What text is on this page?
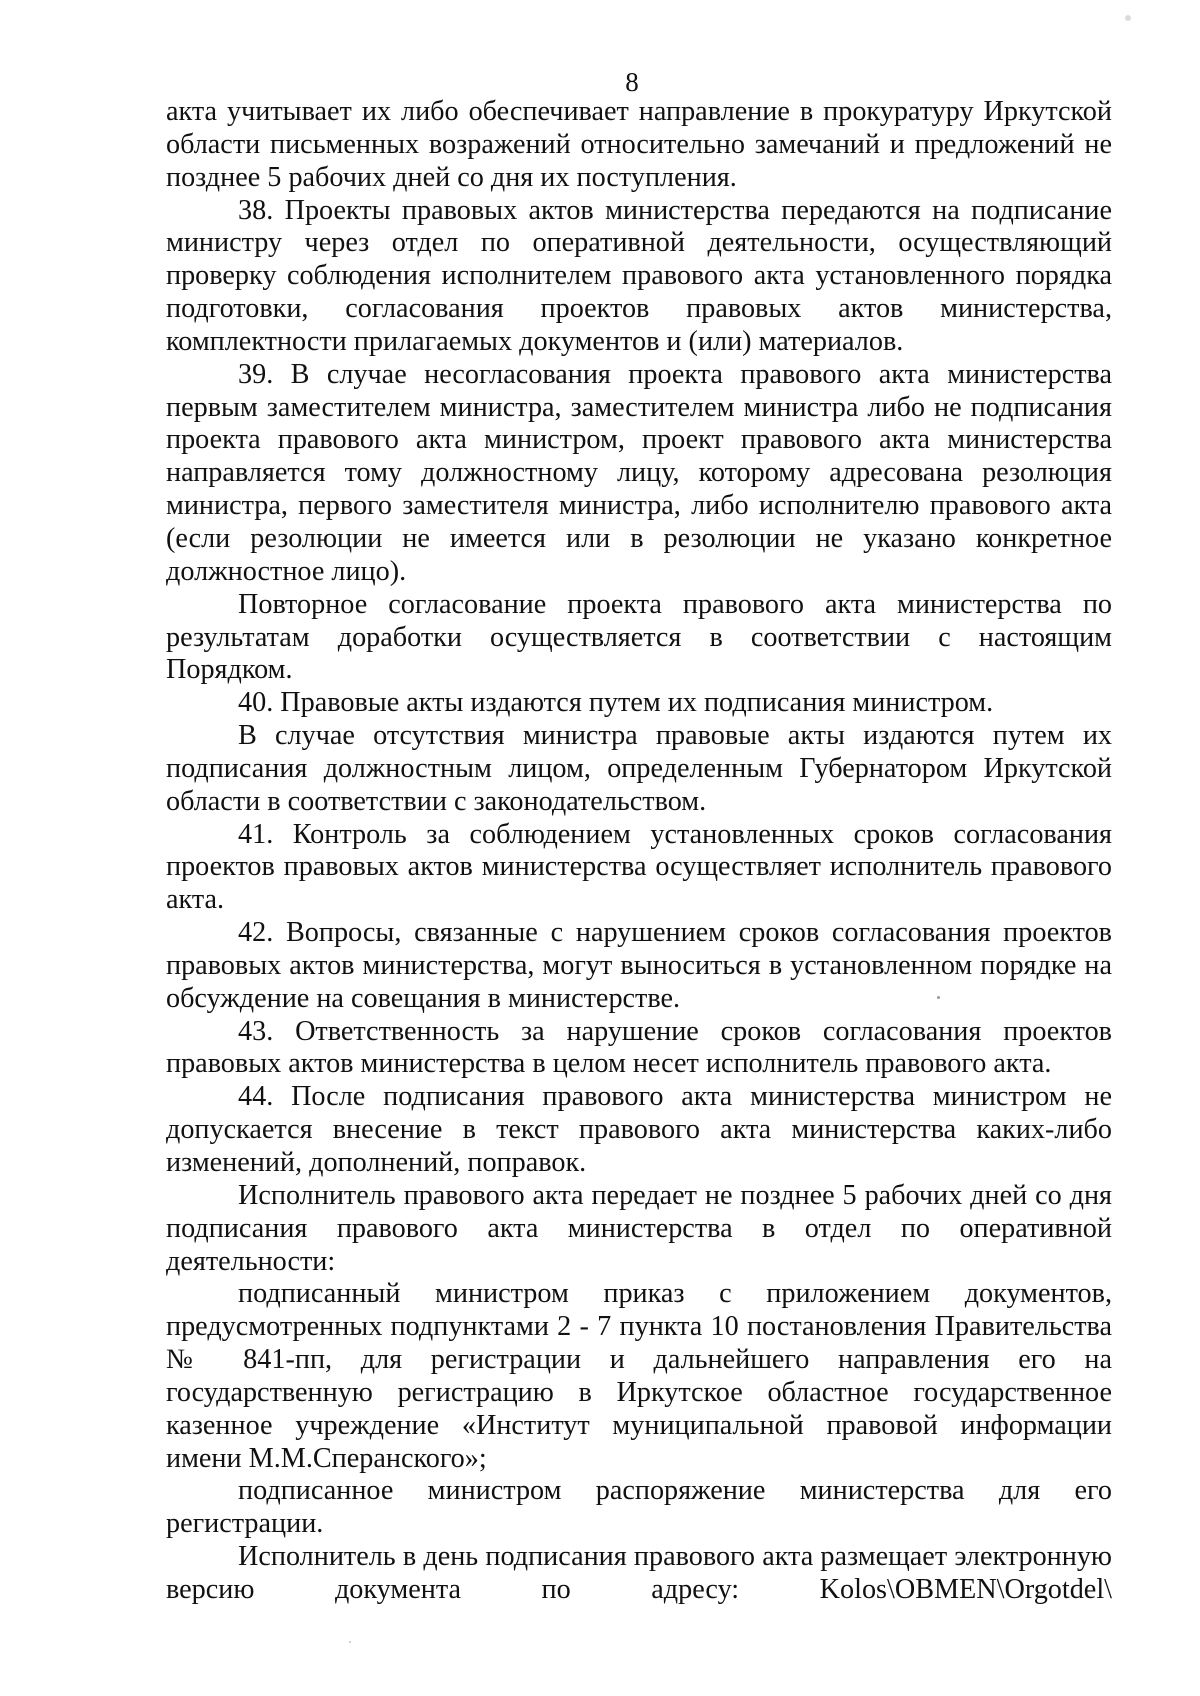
8

акта учитывает их либо обеспечивает направление в прокуратуру Иркутской области письменных возражений относительно замечаний и предложений не позднее 5 рабочих дней со дня их поступления.

38. Проекты правовых актов министерства передаются на подписание министру через отдел по оперативной деятельности, осуществляющий проверку соблюдения исполнителем правового акта установленного порядка подготовки, согласования проектов правовых актов министерства, комплектности прилагаемых документов и (или) материалов.

39. В случае несогласования проекта правового акта министерства первым заместителем министра, заместителем министра либо не подписания проекта правового акта министром, проект правового акта министерства направляется тому должностному лицу, которому адресована резолюция министра, первого заместителя министра, либо исполнителю правового акта (если резолюции не имеется или в резолюции не указано конкретное должностное лицо).

Повторное согласование проекта правового акта министерства по результатам доработки осуществляется в соответствии с настоящим Порядком.

40. Правовые акты издаются путем их подписания министром.

В случае отсутствия министра правовые акты издаются путем их подписания должностным лицом, определенным Губернатором Иркутской области в соответствии с законодательством.

41. Контроль за соблюдением установленных сроков согласования проектов правовых актов министерства осуществляет исполнитель правового акта.

42. Вопросы, связанные с нарушением сроков согласования проектов правовых актов министерства, могут выноситься в установленном порядке на обсуждение на совещания в министерстве.

43. Ответственность за нарушение сроков согласования проектов правовых актов министерства в целом несет исполнитель правового акта.

44. После подписания правового акта министерства министром не допускается внесение в текст правового акта министерства каких-либо изменений, дополнений, поправок.

Исполнитель правового акта передает не позднее 5 рабочих дней со дня подписания правового акта министерства в отдел по оперативной деятельности:

подписанный министром приказ с приложением документов, предусмотренных подпунктами 2 - 7 пункта 10 постановления Правительства № 841-пп, для регистрации и дальнейшего направления его на государственную регистрацию в Иркутское областное государственное казенное учреждение «Институт муниципальной правовой информации имени М.М.Сперанского»;

подписанное министром распоряжение министерства для его регистрации.

Исполнитель в день подписания правового акта размещает электронную версию документа по адресу: Kolos\OBMEN\Orgotdel\
